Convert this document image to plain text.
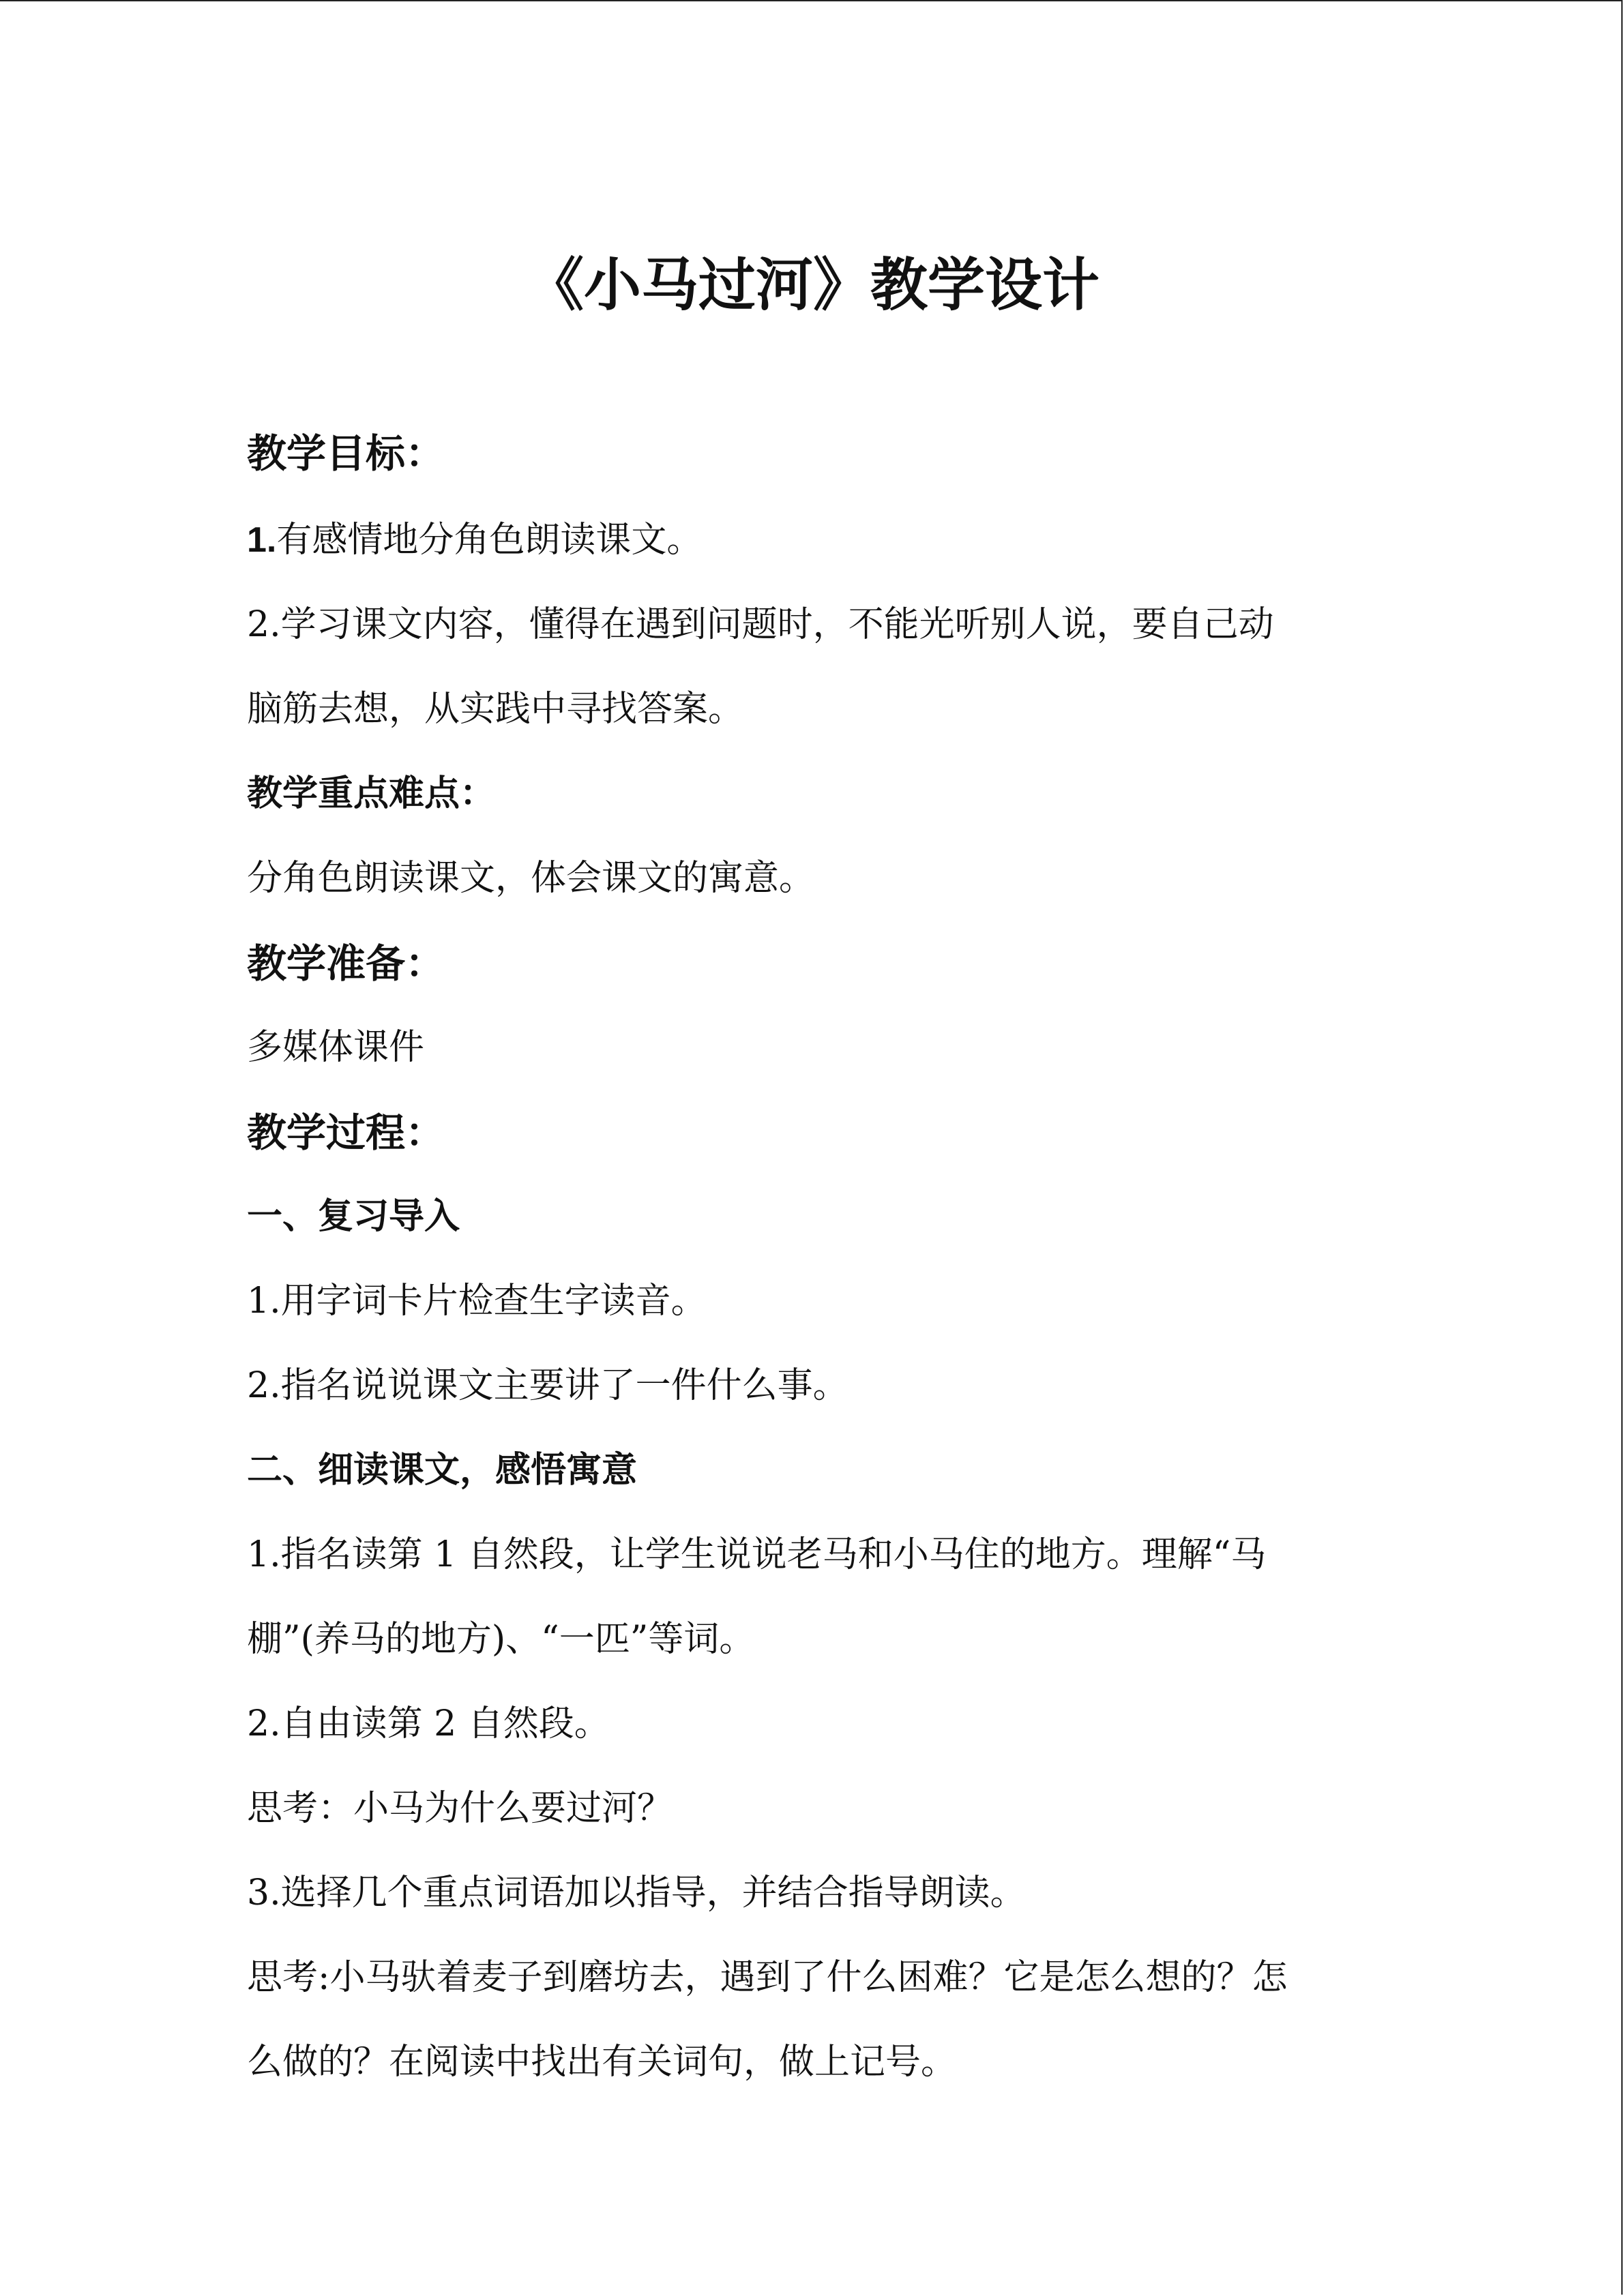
《小马过河》教学设计
教学目标：
1.有感情地分角色朗读课文。
2.学习课文内容，懂得在遇到问题时，不能光听别人说，要自己动
脑筋去想，从实践中寻找答案。
教学重点难点：
分角色朗读课文，体会课文的寓意。
教学准备：
多媒体课件
教学过程：
一、复习导入
1.用字词卡片检查生字读音。
2.指名说说课文主要讲了一件什么事。
二、细读课文，感悟寓意
1.指名读第 1 自然段，让学生说说老马和小马住的地方。理解“马
棚”(养马的地方)、“一匹”等词。
2.自由读第 2 自然段。
思考：小马为什么要过河？
3.选择几个重点词语加以指导，并结合指导朗读。
思考:小马驮着麦子到磨坊去，遇到了什么困难？它是怎么想的？怎
么做的？在阅读中找出有关词句，做上记号。
